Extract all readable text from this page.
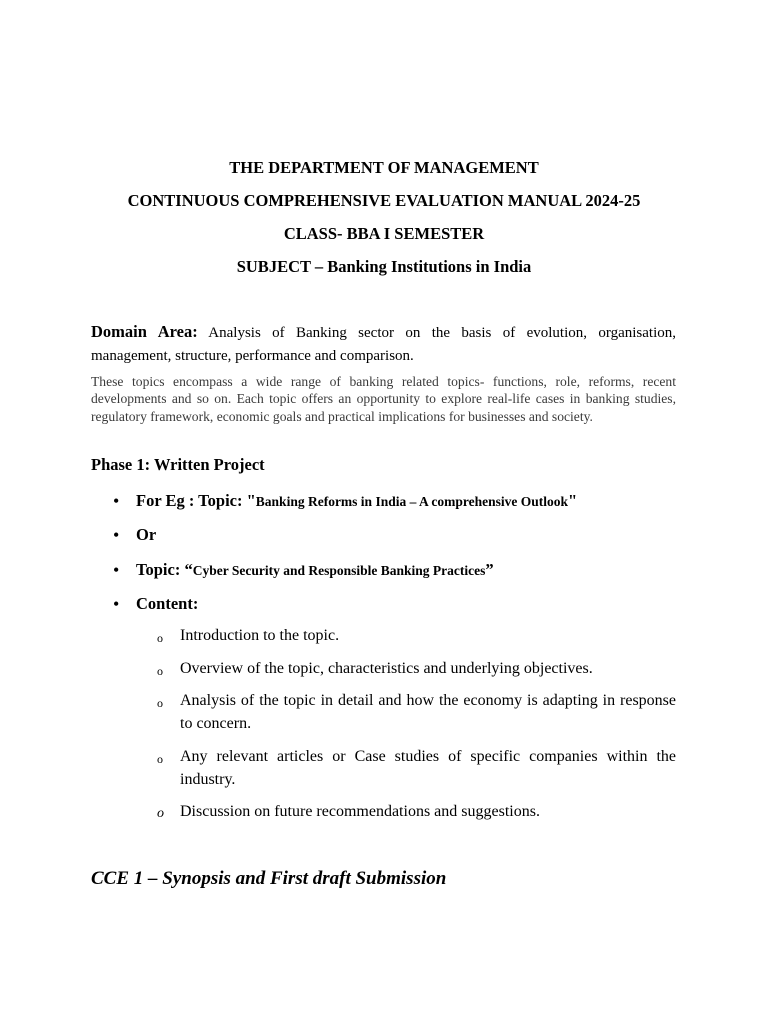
THE DEPARTMENT OF MANAGEMENT
CONTINUOUS COMPREHENSIVE EVALUATION MANUAL 2024-25
CLASS- BBA I SEMESTER
SUBJECT – Banking Institutions in India
Domain Area: Analysis of Banking sector on the basis of evolution, organisation, management, structure, performance and comparison.
These topics encompass a wide range of banking related topics- functions, role, reforms, recent developments and so on. Each topic offers an opportunity to explore real-life cases in banking studies, regulatory framework, economic goals and practical implications for businesses and society.
Phase 1: Written Project
• For Eg : Topic: "Banking Reforms in India – A comprehensive Outlook"
• Or
• Topic: “Cyber Security and Responsible Banking Practices”
• Content:
o Introduction to the topic.
o Overview of the topic, characteristics and underlying objectives.
o Analysis of the topic in detail and how the economy is adapting in response to concern.
o Any relevant articles or Case studies of specific companies within the industry.
o Discussion on future recommendations and suggestions.
CCE 1 – Synopsis and First draft Submission
